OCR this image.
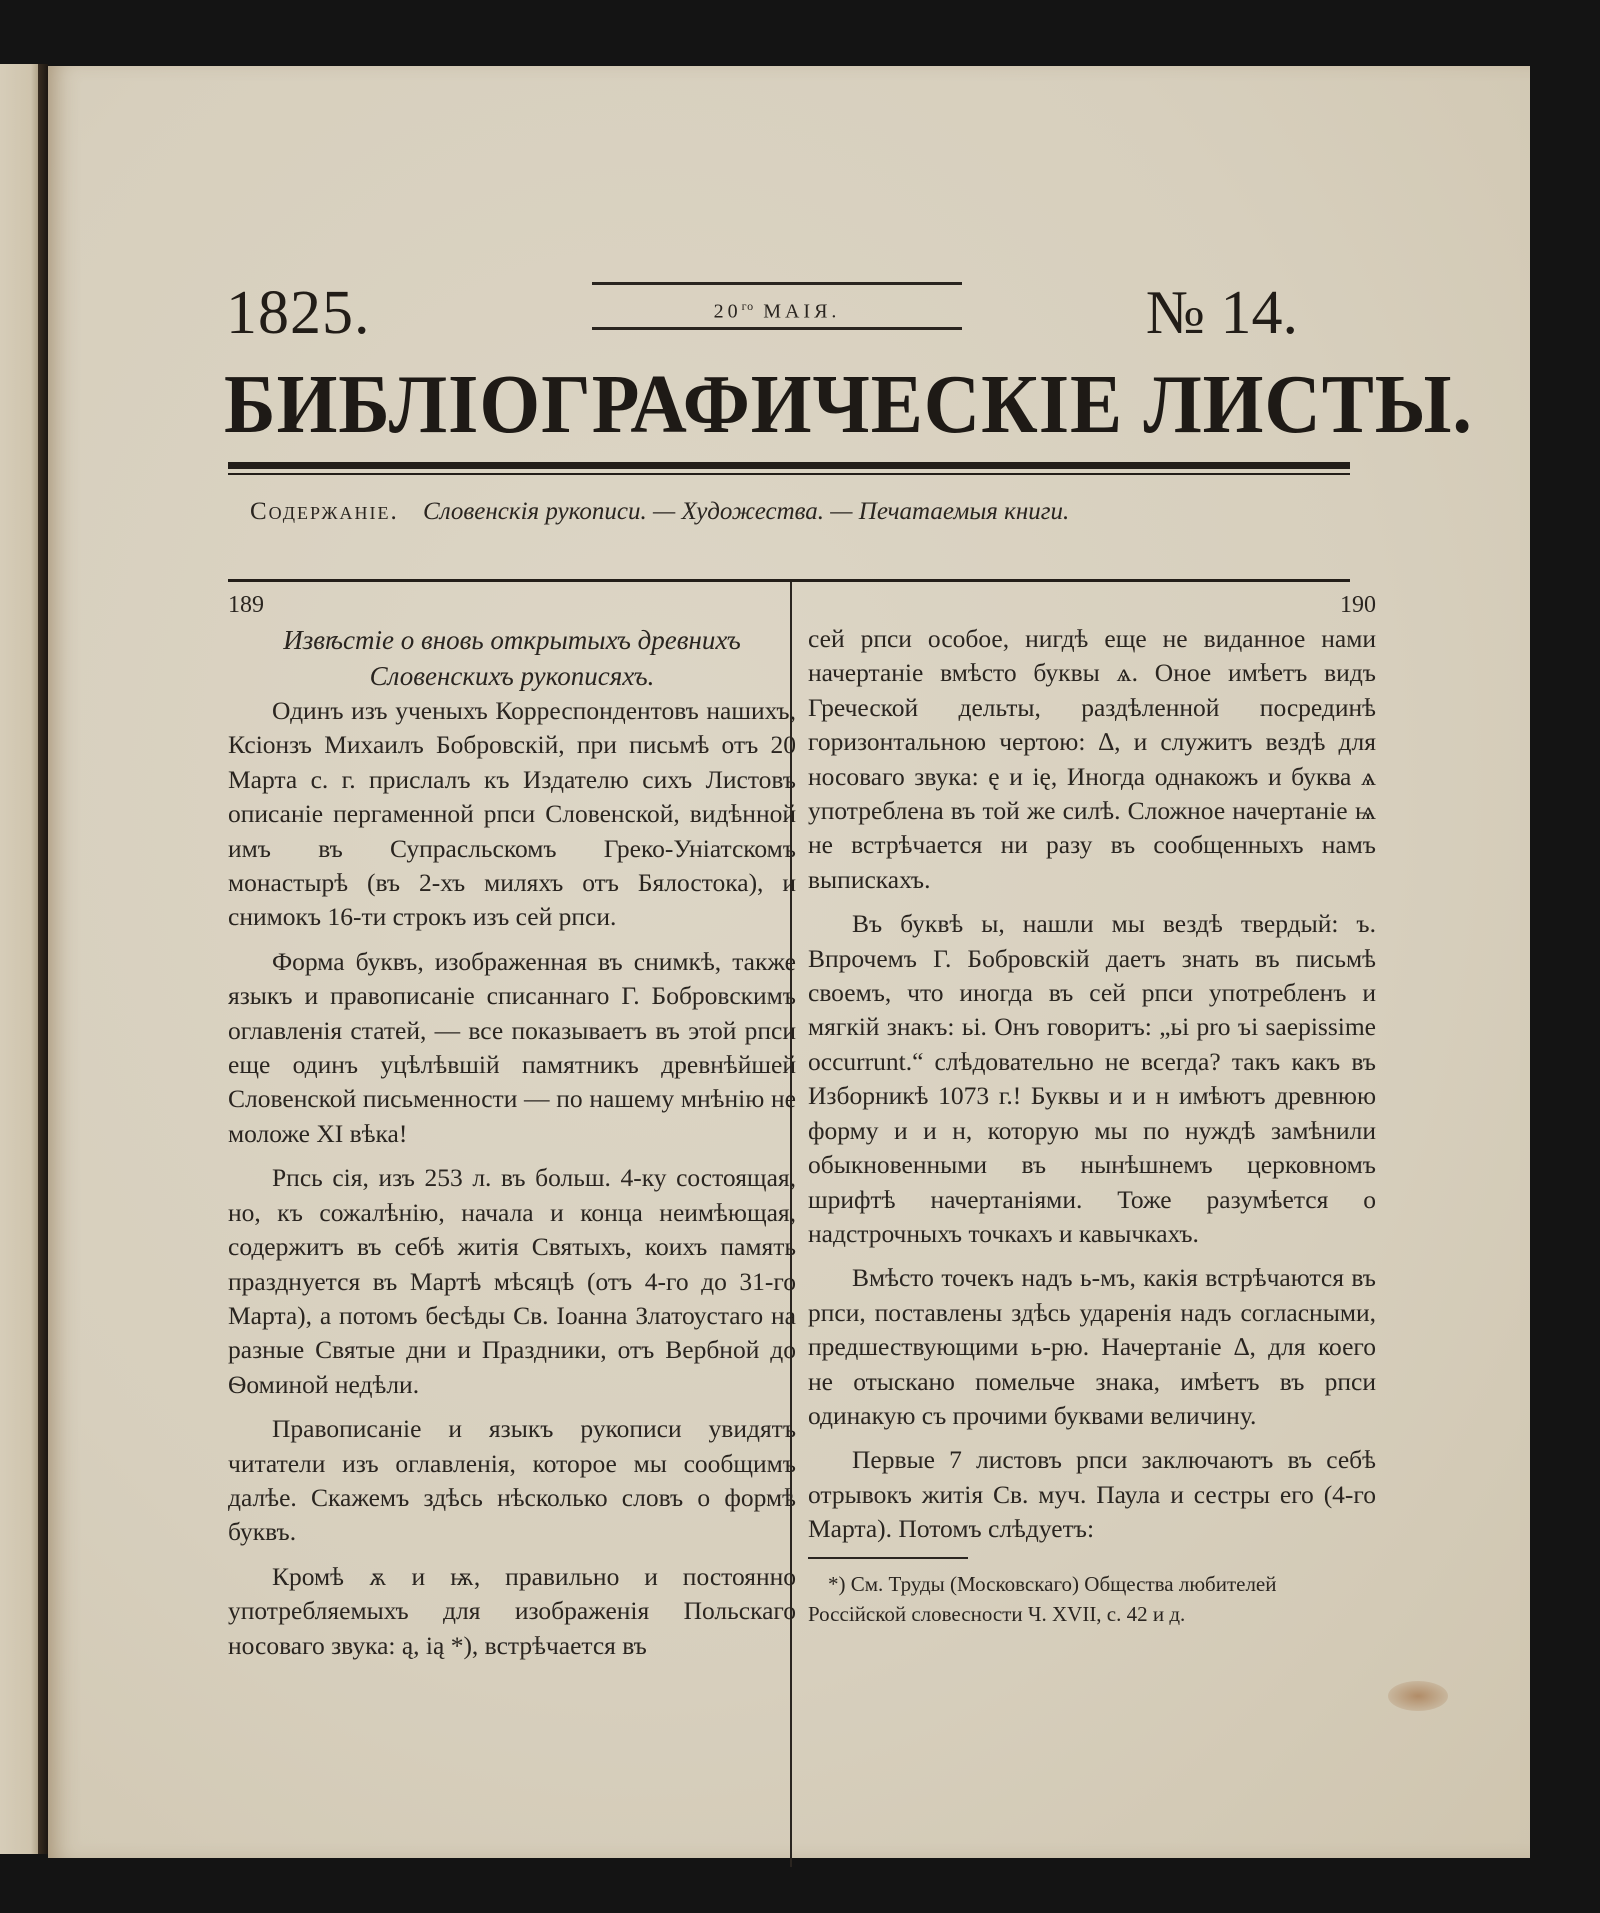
1825.	$20^{го}$ МАІЯ.	№ 14.
БИБЛІОГРАФИЧЕСКІЕ ЛИСТЫ.
Содержаніе. Словенскія рукописи. — Художества. — Печатаемыя книги.
189
Извѣстіе о вновь открытыхъ древнихъ
Словенскихъ рукописяхъ.

Одинъ изъ ученыхъ Корреспондентовъ нашихъ, Ксіонзъ Михаилъ Бобровскій, при письмѣ отъ 20 Марта с. г. прислалъ къ Издателю сихъ Листовъ описаніе пергаменной рпси Словенской, видѣнной имъ въ Супрасльскомъ Греко-Уніатскомъ монастырѣ (въ 2-хъ миляхъ отъ Бялостока), и снимокъ 16-ти строкъ изъ сей рпси.

Форма буквъ, изображенная въ снимкѣ, также языкъ и правописаніе списаннаго Г. Бобровскимъ оглавленія статей, — все показываетъ въ этой рпси еще одинъ уцѣлѣвшій памятникъ древнѣйшей Словенской письменности — по нашему мнѣнію не моложе XI вѣка!

Рпсь сія, изъ 253 л. въ больш. 4-ку состоящая, но, къ сожалѣнію, начала и конца неимѣющая, содержитъ въ себѣ житія Святыхъ, коихъ память празднуется въ Мартѣ мѣсяцѣ (отъ 4-го до 31-го Марта), а потомъ бесѣды Св. Іоанна Златоустаго на разные Святые дни и Праздники, отъ Вербной до Ѳоминой недѣли.

Правописаніе и языкъ рукописи увидятъ читатели изъ оглавленія, которое мы сообщимъ далѣе. Скажемъ здѣсь нѣсколько словъ о формѣ буквъ.

Кромѣ ѫ и ѭ, правильно и постоянно употребляемыхъ для изображенія Польскаго носоваго звука: ą, ią *), встрѣчается въ

190

сей рпси особое, нигдѣ еще не виданное нами начертаніе вмѣсто буквы ѧ. Оное имѣетъ видъ Греческой дельты, раздѣленной посрединѣ горизонтальною чертою: ∆, и служитъ вездѣ для носоваго звука: ę и ię, Иногда однакожъ и буква ѧ употреблена въ той же силѣ. Сложное начертаніе ѩ не встрѣчается ни разу въ сообщенныхъ намъ выпискахъ.

Въ буквѣ ы, нашли мы вездѣ твердый: ъ. Впрочемъ Г. Бобровскій даетъ знать въ письмѣ своемъ, что иногда въ сей рпси употребленъ и мягкій знакъ: ьі. Онъ говоритъ: „ьі pro ъі saepissime occurrunt.“ слѣдовательно не всегда? такъ какъ въ Изборникѣ 1073 г.! Буквы и и н имѣютъ древнюю форму и и н, которую мы по нуждѣ замѣнили обыкновенными въ нынѣшнемъ церковномъ шрифтѣ начертаніями. Тоже разумѣется о надстрочныхъ точкахъ и кавычкахъ.

Вмѣсто точекъ надъ ь-мъ, какія встрѣчаются въ рпси, поставлены здѣсь ударенія надъ согласными, предшествующими ь-рю. Начертаніе ∆, для коего не отыскано помельче знака, имѣетъ въ рпси одинакую съ прочими буквами величину.

Первые 7 листовъ рпси заключаютъ въ себѣ отрывокъ житія Св. муч. Паула и сестры его (4-го Марта). Потомъ слѣдуетъ:

*) См. Труды (Московскаго) Общества любителей Россійской словесности Ч. XVII, с. 42 и д.
